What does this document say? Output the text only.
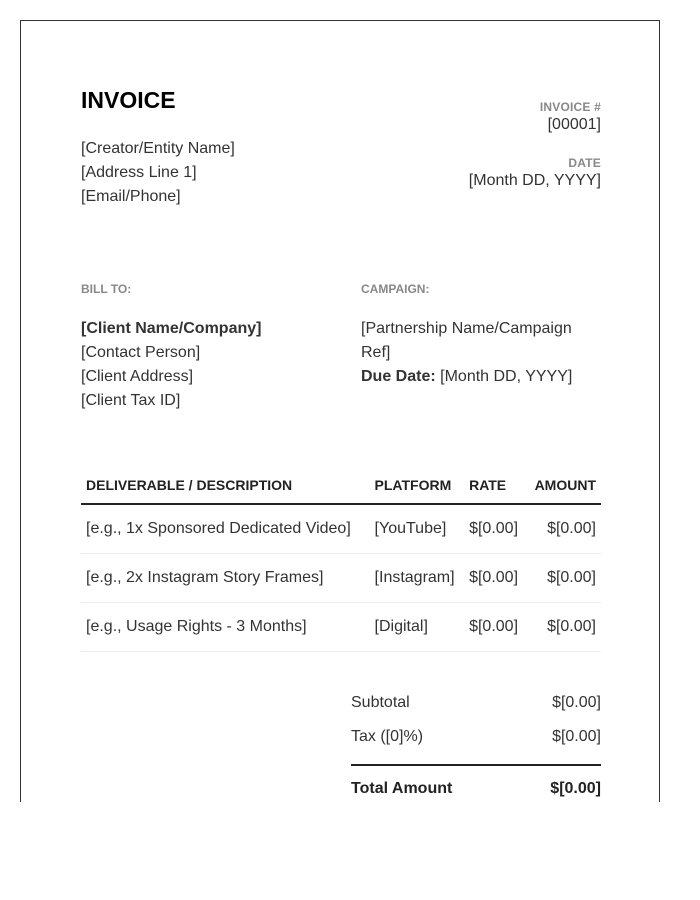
INVOICE
[Creator/Entity Name]
[Address Line 1]
[Email/Phone]
INVOICE #
[00001]
DATE
[Month DD, YYYY]
BILL TO:
[Client Name/Company]
[Contact Person]
[Client Address]
[Client Tax ID]
CAMPAIGN:
[Partnership Name/Campaign Ref]
Due Date: [Month DD, YYYY]
DELIVERABLE / DESCRIPTION	PLATFORM	RATE	AMOUNT
[e.g., 1x Sponsored Dedicated Video]	[YouTube]	$[0.00]	$[0.00]
[e.g., 2x Instagram Story Frames]	[Instagram]	$[0.00]	$[0.00]
[e.g., Usage Rights - 3 Months]	[Digital]	$[0.00]	$[0.00]
Subtotal	$[0.00]
Tax ([0]%)	$[0.00]
Total Amount	$[0.00]
